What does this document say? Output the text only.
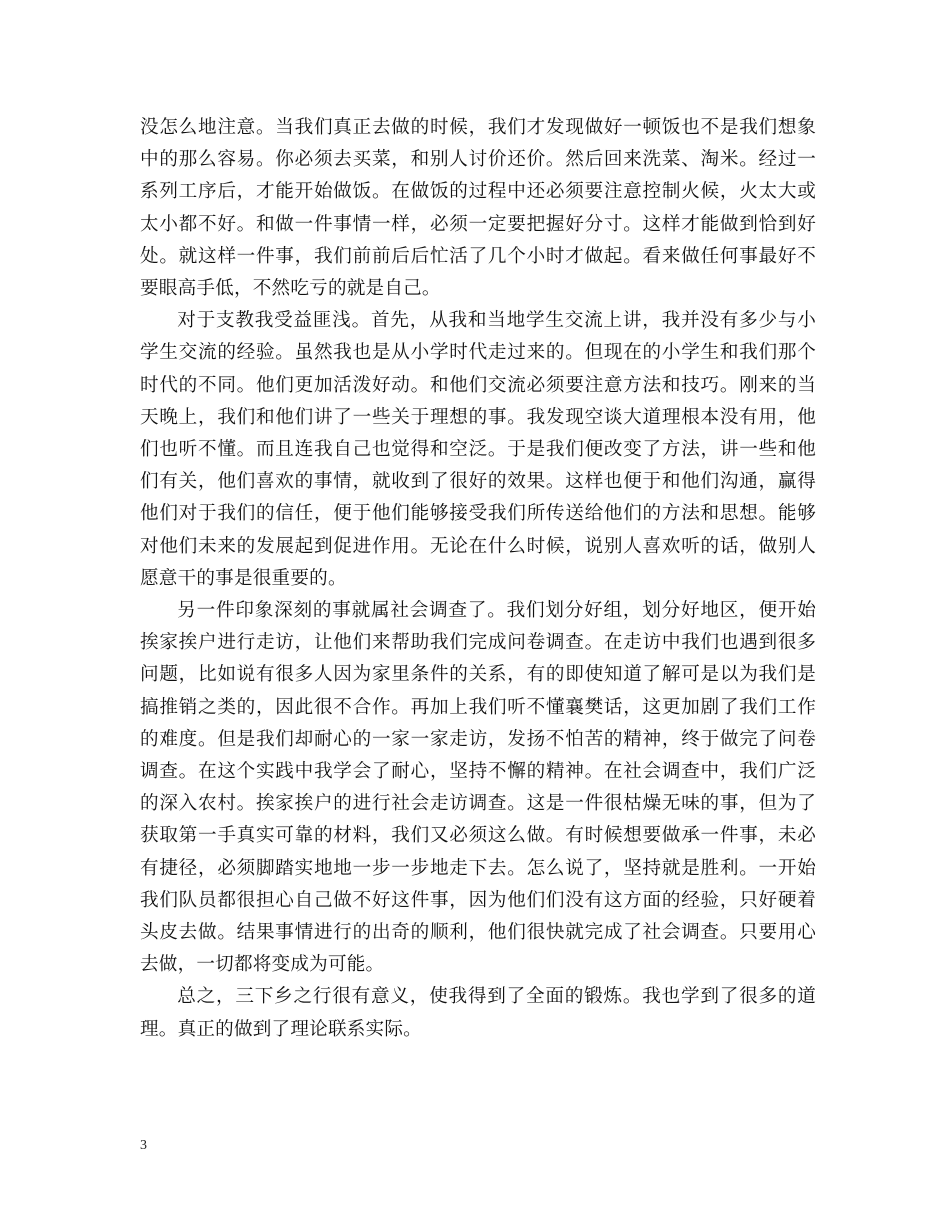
没怎么地注意。当我们真正去做的时候，我们才发现做好一顿饭也不是我们想象中的那么容易。你必须去买菜，和别人讨价还价。然后回来洗菜、淘米。经过一系列工序后，才能开始做饭。在做饭的过程中还必须要注意控制火候，火太大或太小都不好。和做一件事情一样，必须一定要把握好分寸。这样才能做到恰到好处。就这样一件事，我们前前后后忙活了几个小时才做起。看来做任何事最好不要眼高手低，不然吃亏的就是自己。

对于支教我受益匪浅。首先，从我和当地学生交流上讲，我并没有多少与小学生交流的经验。虽然我也是从小学时代走过来的。但现在的小学生和我们那个时代的不同。他们更加活泼好动。和他们交流必须要注意方法和技巧。刚来的当天晚上，我们和他们讲了一些关于理想的事。我发现空谈大道理根本没有用，他们也听不懂。而且连我自己也觉得和空泛。于是我们便改变了方法，讲一些和他们有关，他们喜欢的事情，就收到了很好的效果。这样也便于和他们沟通，赢得他们对于我们的信任，便于他们能够接受我们所传送给他们的方法和思想。能够对他们未来的发展起到促进作用。无论在什么时候，说别人喜欢听的话，做别人愿意干的事是很重要的。

另一件印象深刻的事就属社会调查了。我们划分好组，划分好地区，便开始挨家挨户进行走访，让他们来帮助我们完成问卷调查。在走访中我们也遇到很多问题，比如说有很多人因为家里条件的关系，有的即使知道了解可是以为我们是搞推销之类的，因此很不合作。再加上我们听不懂襄樊话，这更加剧了我们工作的难度。但是我们却耐心的一家一家走访，发扬不怕苦的精神，终于做完了问卷调查。在这个实践中我学会了耐心，坚持不懈的精神。在社会调查中，我们广泛的深入农村。挨家挨户的进行社会走访调查。这是一件很枯燥无味的事，但为了获取第一手真实可靠的材料，我们又必须这么做。有时候想要做承一件事，未必有捷径，必须脚踏实地地一步一步地走下去。怎么说了，坚持就是胜利。一开始我们队员都很担心自己做不好这件事，因为他们们没有这方面的经验，只好硬着头皮去做。结果事情进行的出奇的顺利，他们很快就完成了社会调查。只要用心去做，一切都将变成为可能。

总之，三下乡之行很有意义，使我得到了全面的锻炼。我也学到了很多的道理。真正的做到了理论联系实际。

3
